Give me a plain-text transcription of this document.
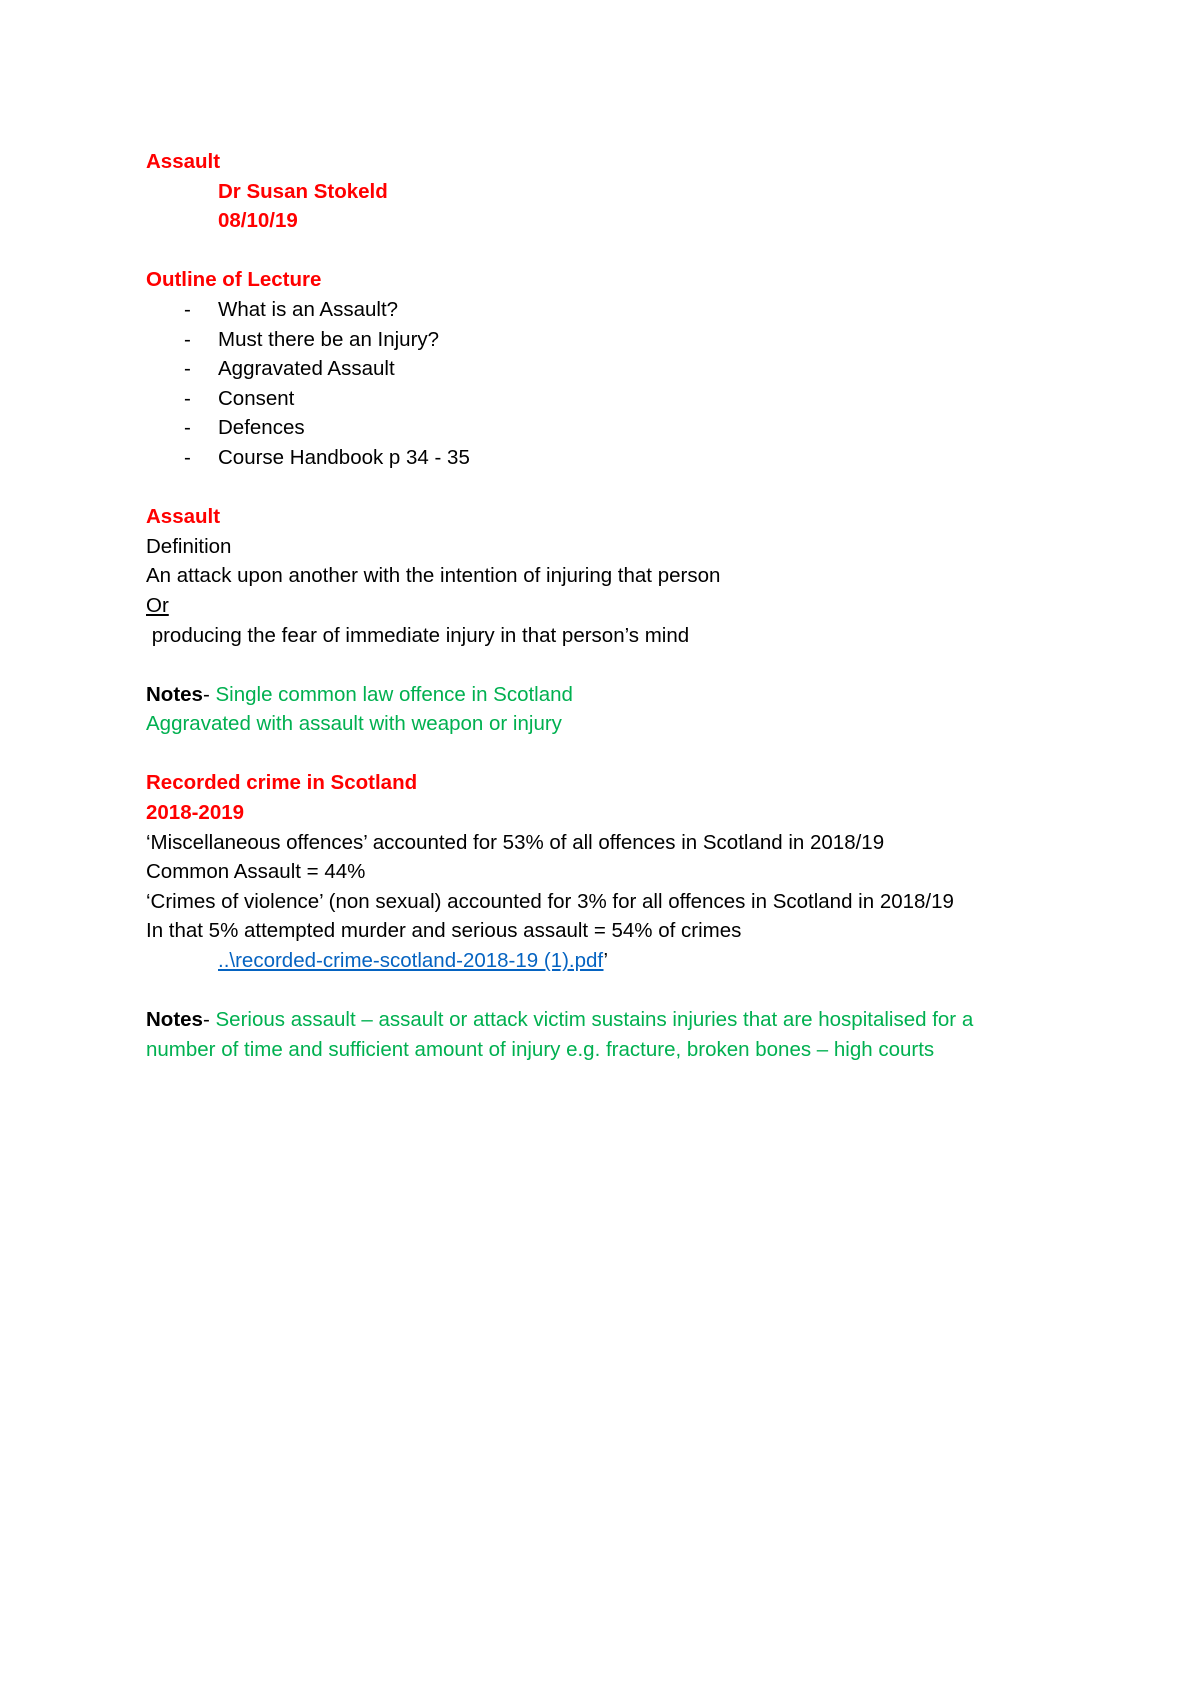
Assault
Dr Susan Stokeld
08/10/19
Outline of Lecture
- What is an Assault?
- Must there be an Injury?
- Aggravated Assault
- Consent
- Defences
- Course Handbook p 34 - 35
Assault
Definition
An attack upon another with the intention of injuring that person
Or
producing the fear of immediate injury in that person’s mind
Notes- Single common law offence in Scotland
Aggravated with assault with weapon or injury
Recorded crime in Scotland
2018-2019
‘Miscellaneous offences’ accounted for 53% of all offences in Scotland in 2018/19
Common Assault = 44%
‘Crimes of violence’ (non sexual) accounted for 3% for all offences in Scotland in 2018/19
In that 5% attempted murder and serious assault = 54% of crimes
..\recorded-crime-scotland-2018-19 (1).pdf’
Notes- Serious assault – assault or attack victim sustains injuries that are hospitalised for a
number of time and sufficient amount of injury e.g. fracture, broken bones – high courts
